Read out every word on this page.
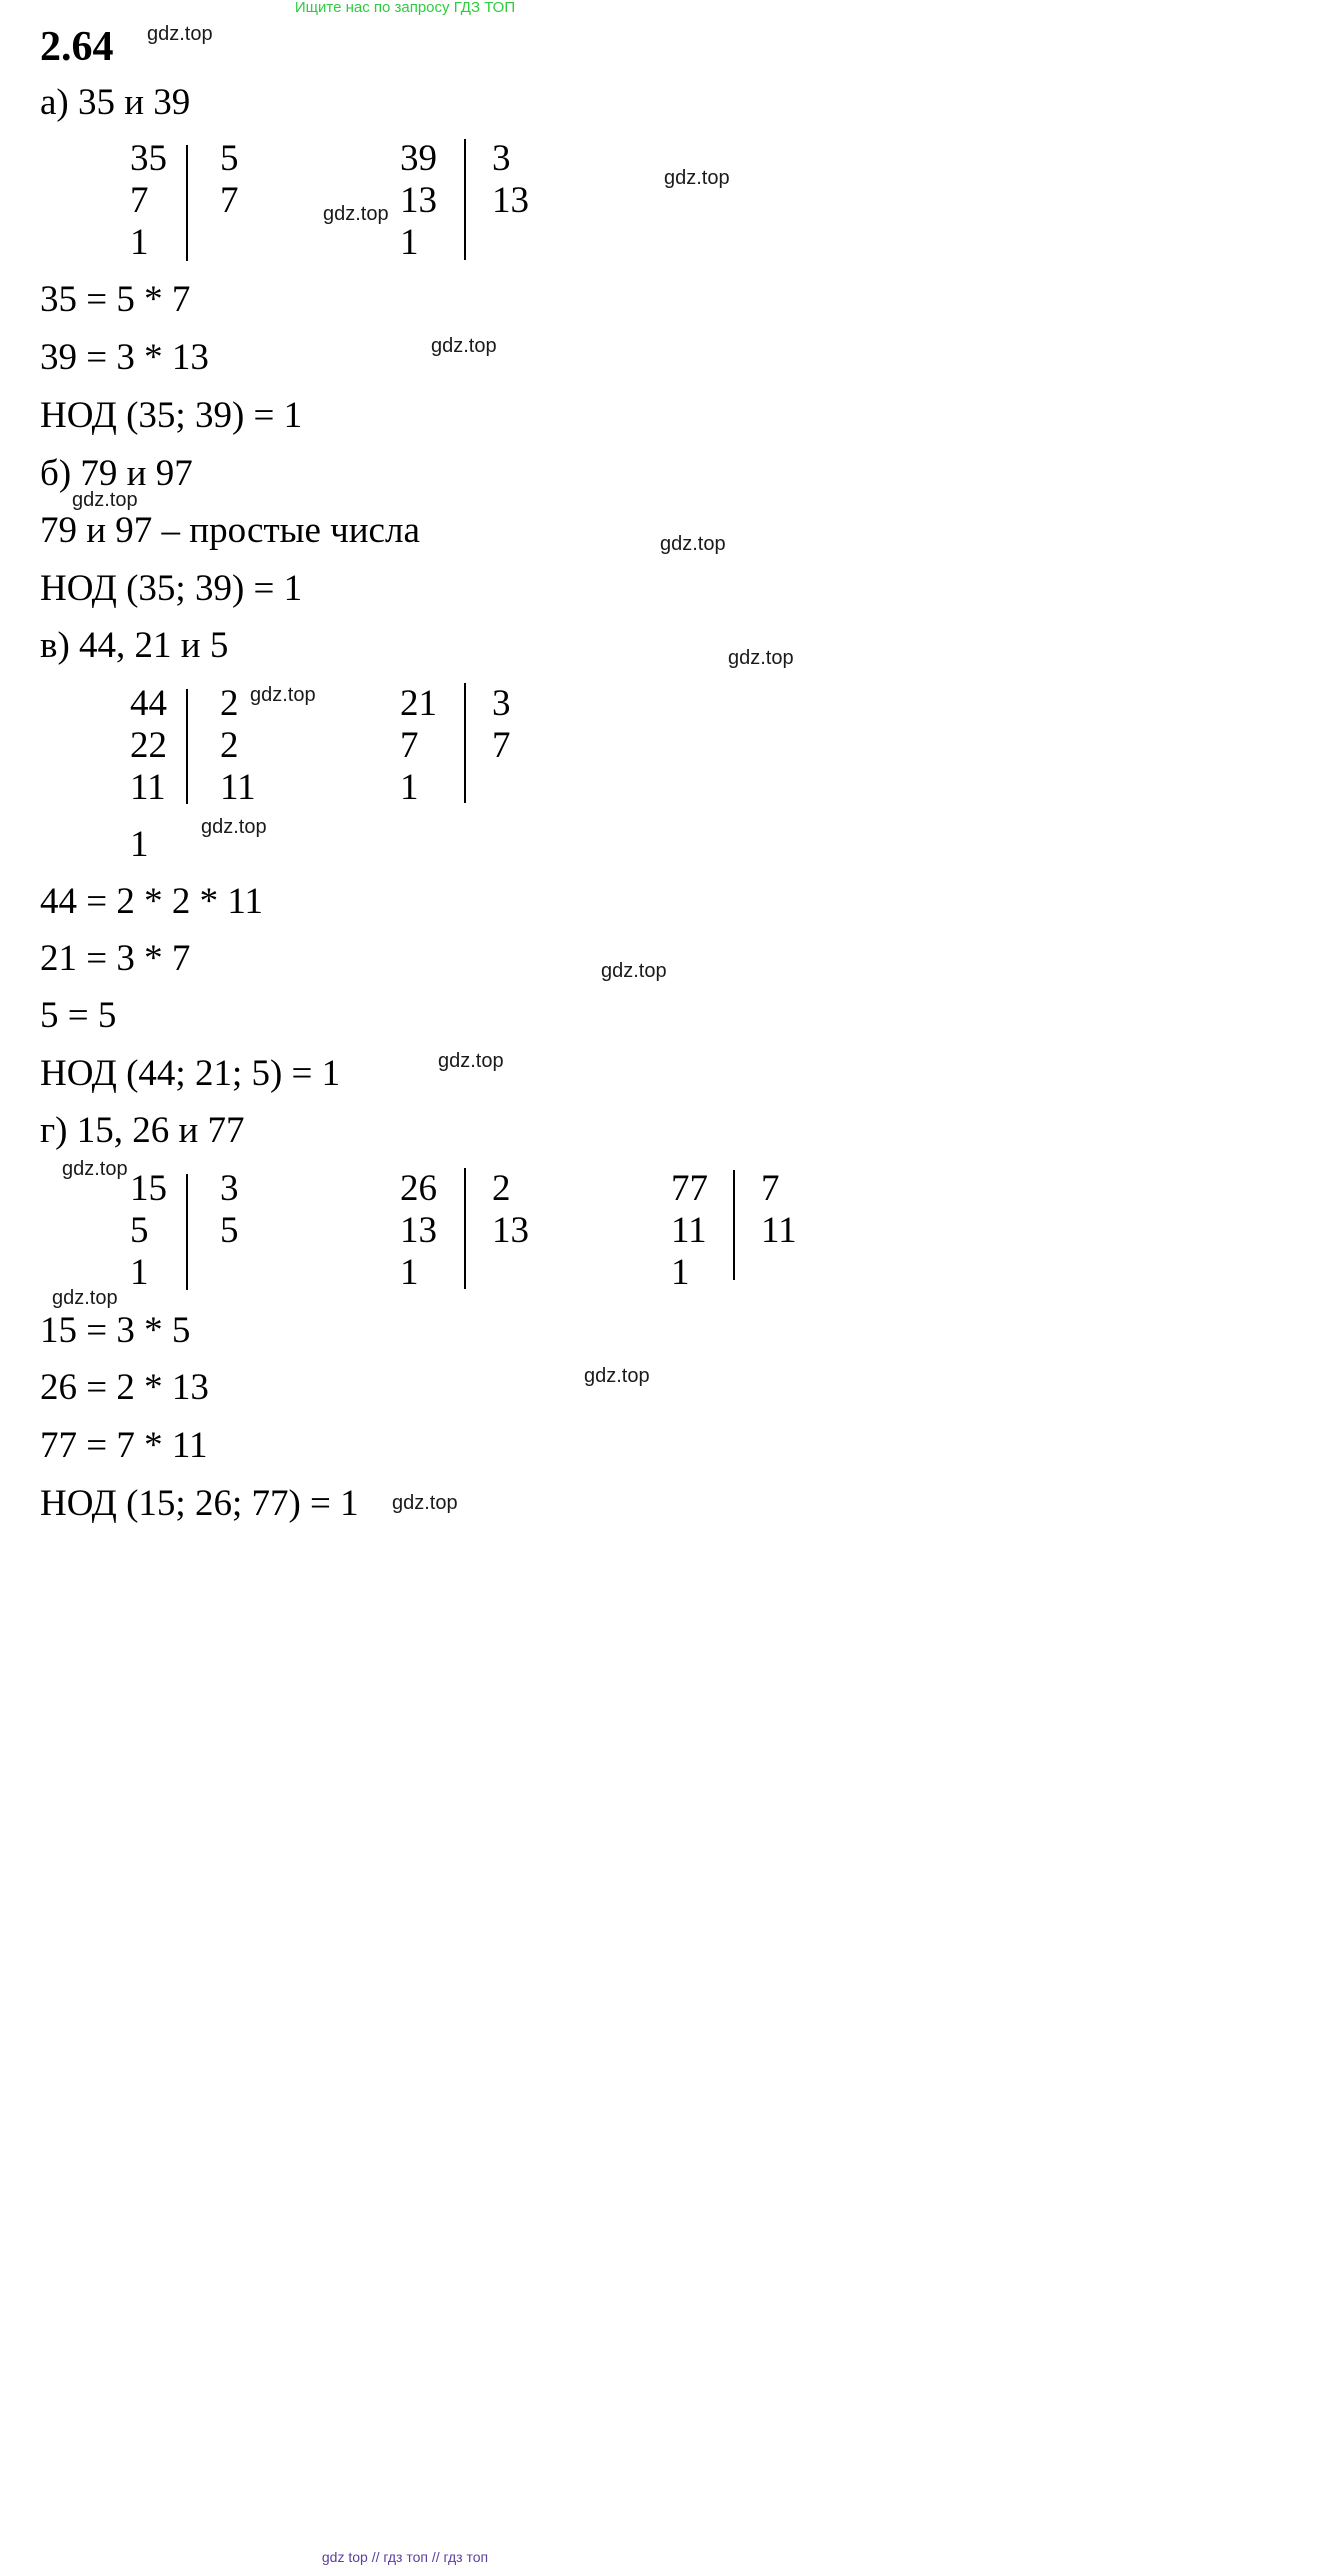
Ищите нас по запросу ГДЗ ТОП
2.64 gdz.top
gdz.top
gdz.top
gdz.top
gdz.top
gdz.top
gdz.top
gdz.top
gdz.top
gdz.top
gdz.top
gdz.top
gdz.top
gdz.top
gdz.top
а) 35 и 39
35
7
1
5
7
39
13
1
3
13
35 = 5 * 7
39 = 3 * 13
НОД (35; 39) = 1
б) 79 и 97
79 и 97 – простые числа
НОД (35; 39) = 1
в) 44, 21 и 5
44
22
11
1
2
2
11
21
7
1
3
7
44 = 2 * 2 * 11
21 = 3 * 7
5 = 5
НОД (44; 21; 5) = 1
г) 15, 26 и 77
15
5
1
3
5
26
13
1
2
13
77
11
1
7
11
15 = 3 * 5
26 = 2 * 13
77 = 7 * 11
НОД (15; 26; 77) = 1
gdz top // гдз топ // гдз топ
